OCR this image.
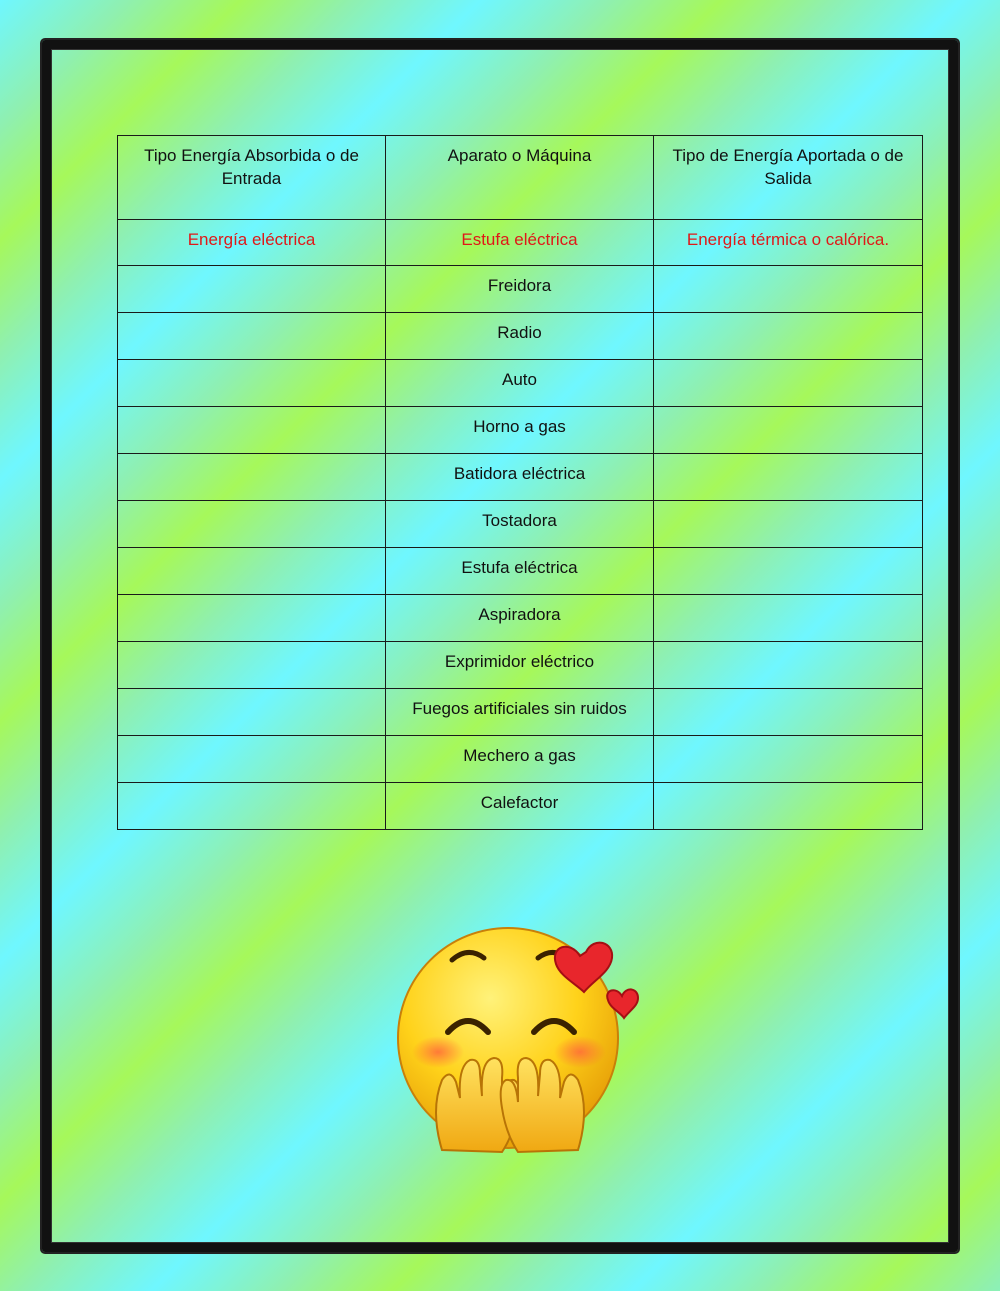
Tipo Energía Absorbida o de Entrada	Aparato o Máquina	Tipo de Energía Aportada o de Salida
Energía eléctrica	Estufa eléctrica	Energía térmica o calórica.
	Freidora	
	Radio	
	Auto	
	Horno a gas	
	Batidora eléctrica	
	Tostadora	
	Estufa eléctrica	
	Aspiradora	
	Exprimidor eléctrico	
	Fuegos artificiales sin ruidos	
	Mechero a gas	
	Calefactor	
